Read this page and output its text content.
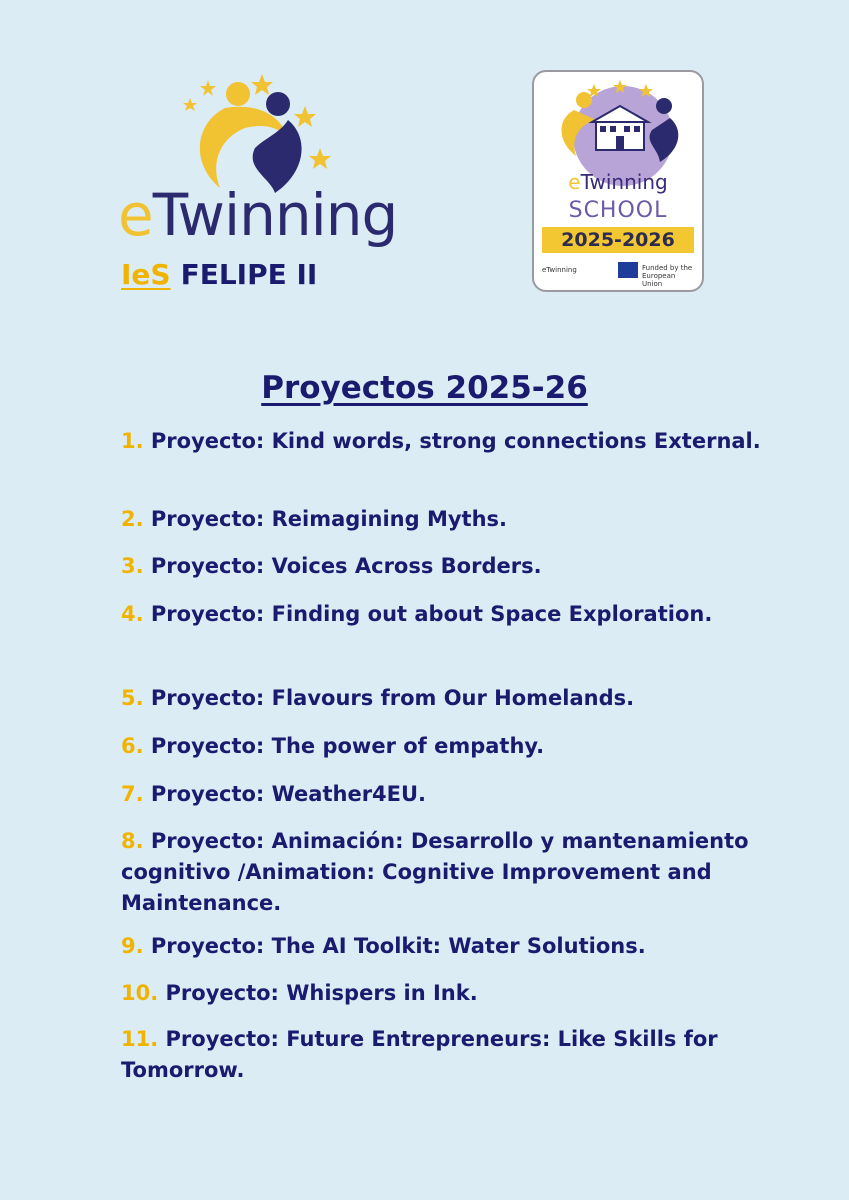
eTwinning
IeS FELIPE II
eTwinning
SCHOOL
2025-2026
eTwinning	Funded by the European Union
Proyectos 2025-26
1. Proyecto: Kind words, strong connections External.
2. Proyecto: Reimagining Myths.
3. Proyecto: Voices Across Borders.
4. Proyecto: Finding out about Space Exploration.
5. Proyecto: Flavours from Our Homelands.
6. Proyecto: The power of empathy.
7. Proyecto: Weather4EU.
8. Proyecto: Animación: Desarrollo y mantenamiento cognitivo /Animation: Cognitive Improvement and Maintenance.
9. Proyecto: The AI Toolkit: Water Solutions.
10. Proyecto: Whispers in Ink.
11. Proyecto: Future Entrepreneurs: Like Skills for Tomorrow.
